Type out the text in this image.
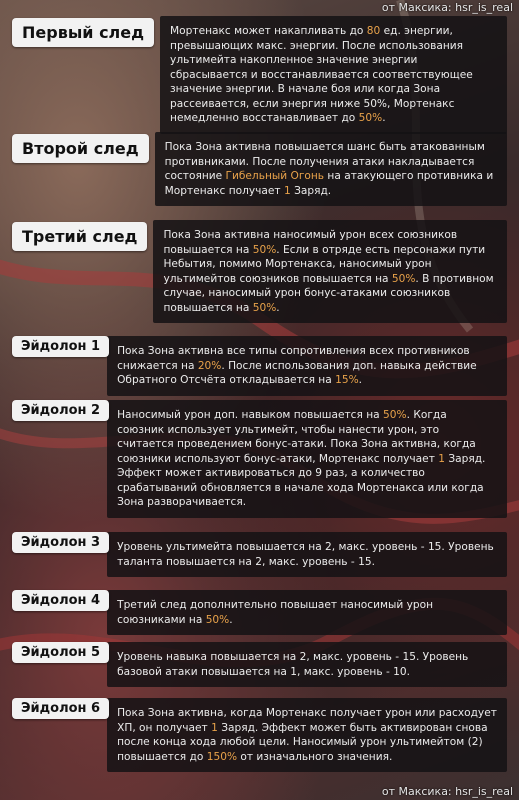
от Максика: hsr_is_real
Первый след	Мортенакс может накапливать до 80 ед. энергии, превышающих макс. энергии. После использования ультимейта накопленное значение энергии сбрасывается и восстанавливается соответствующее значение энергии. В начале боя или когда Зона рассеивается, если энергия ниже 50%, Мортенакс немедленно восстанавливает до 50%.
Второй след	Пока Зона активна повышается шанс быть атакованным противниками. После получения атаки накладывается состояние Гибельный Огонь на атакующего противника и Мортенакс получает 1 Заряд.
Третий след	Пока Зона активна наносимый урон всех союзников повышается на 50%. Если в отряде есть персонажи пути Небытия, помимо Мортенакса, наносимый урон ультимейтов союзников повышается на 50%. В противном случае, наносимый урон бонус-атаками союзников повышается на 50%.
Эйдолон 1	Пока Зона активна все типы сопротивления всех противников снижается на 20%. После использования доп. навыка действие Обратного Отсчёта откладывается на 15%.
Эйдолон 2	Наносимый урон доп. навыком повышается на 50%. Когда союзник использует ультимейт, чтобы нанести урон, это считается проведением бонус-атаки. Пока Зона активна, когда союзники используют бонус-атаки, Мортенакс получает 1 Заряд. Эффект может активироваться до 9 раз, а количество срабатываний обновляется в начале хода Мортенакса или когда Зона разворачивается.
Эйдолон 3	Уровень ультимейта повышается на 2, макс. уровень - 15. Уровень таланта повышается на 2, макс. уровень - 15.
Эйдолон 4	Третий след дополнительно повышает наносимый урон союзниками на 50%.
Эйдолон 5	Уровень навыка повышается на 2, макс. уровень - 15. Уровень базовой атаки повышается на 1, макс. уровень - 10.
Эйдолон 6	Пока Зона активна, когда Мортенакс получает урон или расходует ХП, он получает 1 Заряд. Эффект может быть активирован снова после конца хода любой цели. Наносимый урон ультимейтом (2) повышается до 150% от изначального значения.
от Максика: hsr_is_real
